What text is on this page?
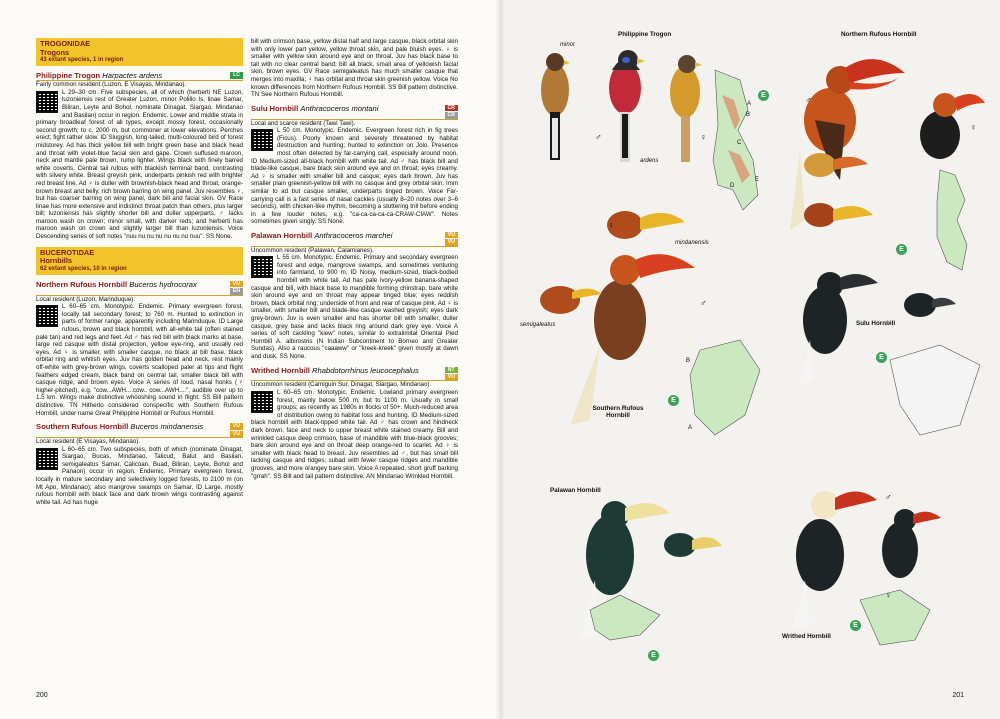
TROGONIDAE
Trogons
43 extant species, 1 in region
Philippine Trogon Harpactes ardens	LC
Fairly common resident (Luzon, E Visayas, Mindanao).
L 29–30 cm. Five subspecies, all of which (herberti NE Luzon, luzoniensis rest of Greater Luzon, minor Polillo Is, linae Samar, Biliran, Leyte and Bohol, nominate Dinagat, Siargao, Mindanao and Basilan) occur in region. Endemic. Lower and middle strata in primary broadleaf forest of all types, except mossy forest, occasionally second growth; to c. 2000 m, but commoner at lower elevations. Perches erect; fight rather slow. ID Sluggish, long-tailed, multi-coloured bird of forest midstorey. Ad has thick yellow bill with bright green base and black head and throat with violet-blue facial skin and gape. Crown suffused maroon, neck and mantle pale brown, rump lighter. Wings black with finely barred white coverts. Central tail rufous with blackish terminal band, contrasting with silvery white. Breast greyish pink, underparts pinkish red with brighter red breast line. Ad ♀ is duller with brownish-black head and throat, orange-brown breast and belly, rich brown barring on wing panel. Juv resembles ♀, but has coarser barring on wing panel, dark bill and facial skin. GV Race linae has more extensive and indistinct throat patch than others, plus larger bill; luzoniensis has slightly shorter bill and duller upperparts, ♂ lacks maroon wash on crown; minor small, with darker reds; and herberti has maroon wash on crown and slightly larger bill than luzoniensis. Voice Descending series of soft notes "nuu nu nu nu nu nu nu nuu". SS None.
BUCEROTIDAE
Hornbills
62 extant species, 10 in region
Northern Rufous Hornbill Buceros hydrocorax	VU
EN
Local resident (Luzon, Marinduque).
L 60–65 cm. Monotypic. Endemic. Primary evergreen forest, locally tall secondary forest; to 760 m. Hunted to extinction in parts of former range, apparently including Marinduque. ID Large rufous, brown and black hornbill, with all-white tail (often stained pale tan) and red legs and feet. Ad ♂ has red bill with black marks at base, large red casque with distal projection, yellow eye-ring, and usually red eyes. Ad ♀ is smaller, with smaller casque, no black at bill base, black orbital ring and whitish eyes. Juv has golden head and neck, rest mainly off-white with grey-brown wings, coverts scalloped paler at tips and flight feathers edged cream, black band on central tail, smaller black bill with casque ridge, and brown eyes. Voice A series of loud, nasal honks (♀ higher-pitched), e.g. "cow...AWH....cow.. cow...AWH....", audible over up to 1.5 km. Wings make distinctive whooshing sound in flight. SS Bill pattern distinctive. TN Hitherto considered conspecific with Southern Rufous Hornbill, under name Great Philippine Hornbill or Rufous Hornbill.
Southern Rufous Hornbill Buceros mindanensis	VU
VU
Local resident (E Visayas, Mindanao).
L 60–65 cm. Two subspecies, both of which (nominate Dinagat, Siargao, Bucas, Mindanao, Talicud, Balut and Basilan, semigaleatus Samar, Calicoan, Buad, Biliran, Leyte, Bohol and Panaon) occur in region. Endemic. Primary evergreen forest, locally in mature secondary and selectively logged forests, to 2100 m (on Mt Apo, Mindanao); also mangrove swamps on Samar. ID Large, mostly rufous hornbill with black face and dark brown wings contrasting against white tail. Ad has huge
bill with crimson base, yellow distal half and large casque, black orbital skin with only lower part yellow, yellow throat skin, and pale bluish eyes. ♀ is smaller with yellow skin around eye and on throat. Juv has black base to tail with no clear central band; bill all black, small area of yellowish facial skin, brown eyes. GV Race semigaleatus has much smaller casque that merges into maxilla; ♀ has orbital and throat skin greenish yellow. Voice No known differences from Northern Rufous Hornbill. SS Bill pattern distinctive. TN See Northern Rufous Hornbill.
Sulu Hornbill Anthracoceros montani	CR
CR
Local and scarce resident (Tawi Tawi).
L 50 cm. Monotypic. Endemic. Evergreen forest rich in fig trees (Ficus). Poorly known and severely threatened by habitat destruction and hunting; hunted to extinction on Jolo. Presence most often detected by far-carrying call, especially around noon. ID Medium-sized all-black hornbill with white tail. Ad ♂ has black bill and blade-like casque, bare black skin around eye and on throat; eyes creamy. Ad ♀ is smaller with smaller bill and casque; eyes dark brown. Juv has smaller plain greenish-yellow bill with no casque and grey orbital skin. Imm similar to ad but casque smaller, underparts tinged brown. Voice Far-carrying call is a fast series of nasal cackles (usually 8–20 notes over 3–6 seconds), with chicken-like rhythm, becoming a stuttering trill before ending in a few louder notes, e.g. "ca-ca-ca-ca-ca-CRAW-CIAW". Notes sometimes given singly. SS None.
Palawan Hornbill Anthracoceros marchei	VU
VU
Uncommon resident (Palawan, Calamianes).
L 55 cm. Monotypic. Endemic. Primary and secondary evergreen forest and edge, mangrove swamps, and sometimes venturing into farmland, to 900 m. ID Noisy, medium-sized, black-bodied hornbill with white tail. Ad has pale ivory-yellow banana-shaped casque and bill, with black base to mandible forming chinstrap, bare white skin around eye and on throat may appear tinged blue; eyes reddish brown, black orbital ring; underside of front and rear of casque pink. Ad ♀ is smaller, with smaller bill and blade-like casque washed greyish; eyes dark grey-brown. Juv is even smaller and has shorter bill with smaller, duller casque, grey base and lacks black ring around dark grey eye. Voice A series of soft cackling "kiew" notes, similar to extralimital Oriental Pied Hornbill A. albirostris (N Indian Subcontinent to Borneo and Greater Sundas). Also a raucous "caaaww" or "kreek-kreek" given mostly at dawn and dusk. SS None.
Writhed Hornbill Rhabdotorrhinus leucocephalus	NT
VU
Uncommon resident (Camiguin Sur, Dinagat, Siargao, Mindanao).
L 60–65 cm. Monotypic. Endemic. Lowland primary evergreen forest, mainly below 500 m, but to 1100 m. Usually in small groups; as recently as 1980s in flocks of 50+. Much-reduced area of distribution owing to habitat loss and hunting. ID Medium-sized black hornbill with black-tipped white tail. Ad ♂ has crown and hindneck dark brown, face and neck to upper breast white stained creamy. Bill and wrinkled casque deep crimson, base of mandible with blue-black grooves; bare skin around eye and on throat deep orange-red to scarlet. Ad ♀ is smaller with black head to breast. Juv resembles ad ♂, but has small bill lacking casque and ridges; subad with fewer casque ridges and mandible grooves, and more orangey bare skin. Voice A repeated, short gruff barking "grrah". SS Bill and tail pattern distinctive. AN Mindanao Wrinkled Hornbill.
200
Philippine Trogon
minor
ardens
Northern Rufous Hornbill
mindanensis
Sulu Hornbill
semigaleatus
Southern Rufous Hornbill
Palawan Hornbill
Writhed Hornbill
E
E
E
E
E
E
♂	♀
♂
♀
♀
♂
♂
♀
A
B
C
D
E
A
B
201
